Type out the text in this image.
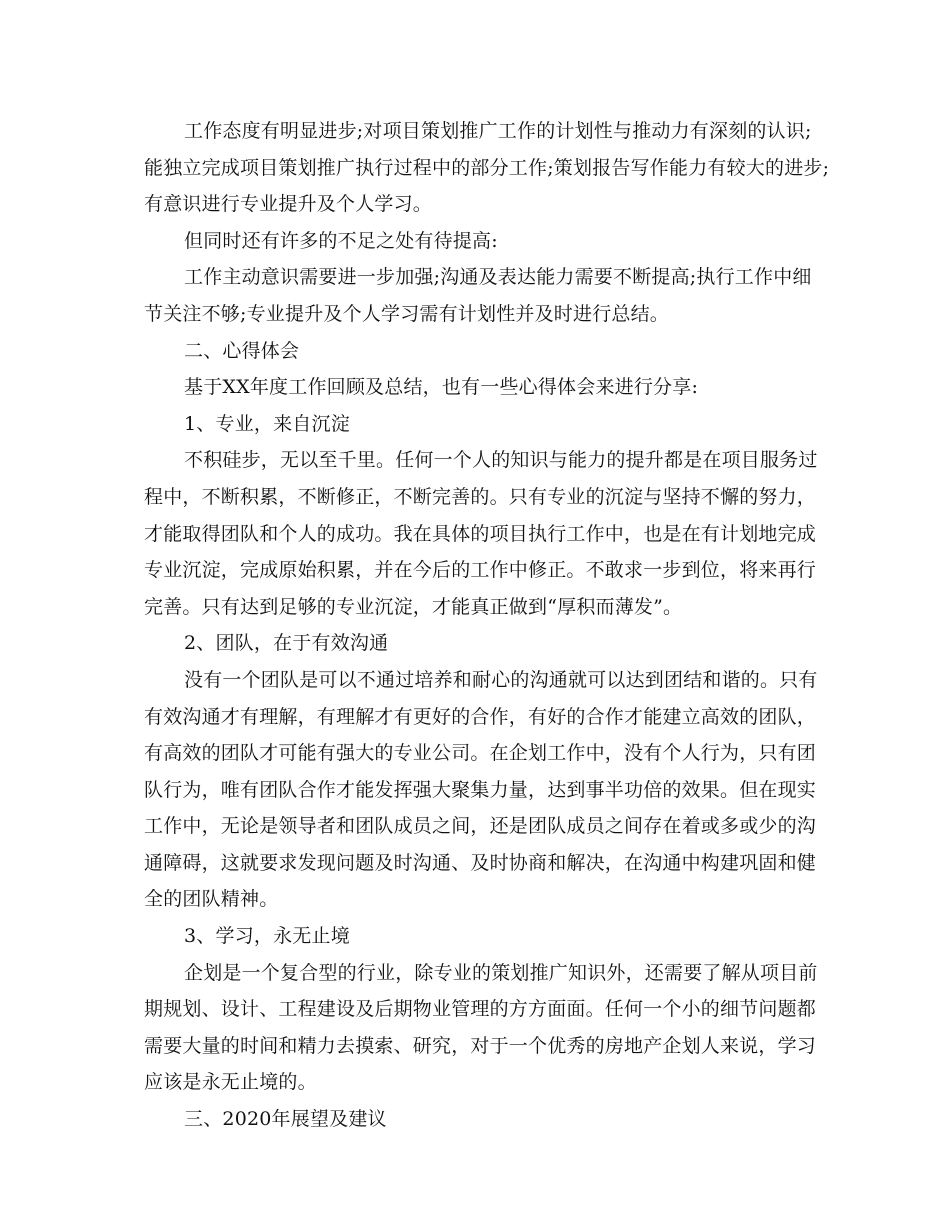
工作态度有明显进步;对项目策划推广工作的计划性与推动力有深刻的认识;
能独立完成项目策划推广执行过程中的部分工作;策划报告写作能力有较大的进步;
有意识进行专业提升及个人学习。
但同时还有许多的不足之处有待提高:
工作主动意识需要进一步加强;沟通及表达能力需要不断提高;执行工作中细
节关注不够;专业提升及个人学习需有计划性并及时进行总结。
二、心得体会
基于XX年度工作回顾及总结，也有一些心得体会来进行分享:
1、专业，来自沉淀
不积硅步，无以至千里。任何一个人的知识与能力的提升都是在项目服务过
程中，不断积累，不断修正，不断完善的。只有专业的沉淀与坚持不懈的努力，
才能取得团队和个人的成功。我在具体的项目执行工作中，也是在有计划地完成
专业沉淀，完成原始积累，并在今后的工作中修正。不敢求一步到位，将来再行
完善。只有达到足够的专业沉淀，才能真正做到“厚积而薄发”。
2、团队，在于有效沟通
没有一个团队是可以不通过培养和耐心的沟通就可以达到团结和谐的。只有
有效沟通才有理解，有理解才有更好的合作，有好的合作才能建立高效的团队，
有高效的团队才可能有强大的专业公司。在企划工作中，没有个人行为，只有团
队行为，唯有团队合作才能发挥强大聚集力量，达到事半功倍的效果。但在现实
工作中，无论是领导者和团队成员之间，还是团队成员之间存在着或多或少的沟
通障碍，这就要求发现问题及时沟通、及时协商和解决，在沟通中构建巩固和健
全的团队精神。
3、学习，永无止境
企划是一个复合型的行业，除专业的策划推广知识外，还需要了解从项目前
期规划、设计、工程建设及后期物业管理的方方面面。任何一个小的细节问题都
需要大量的时间和精力去摸索、研究，对于一个优秀的房地产企划人来说，学习
应该是永无止境的。
三、2020年展望及建议
